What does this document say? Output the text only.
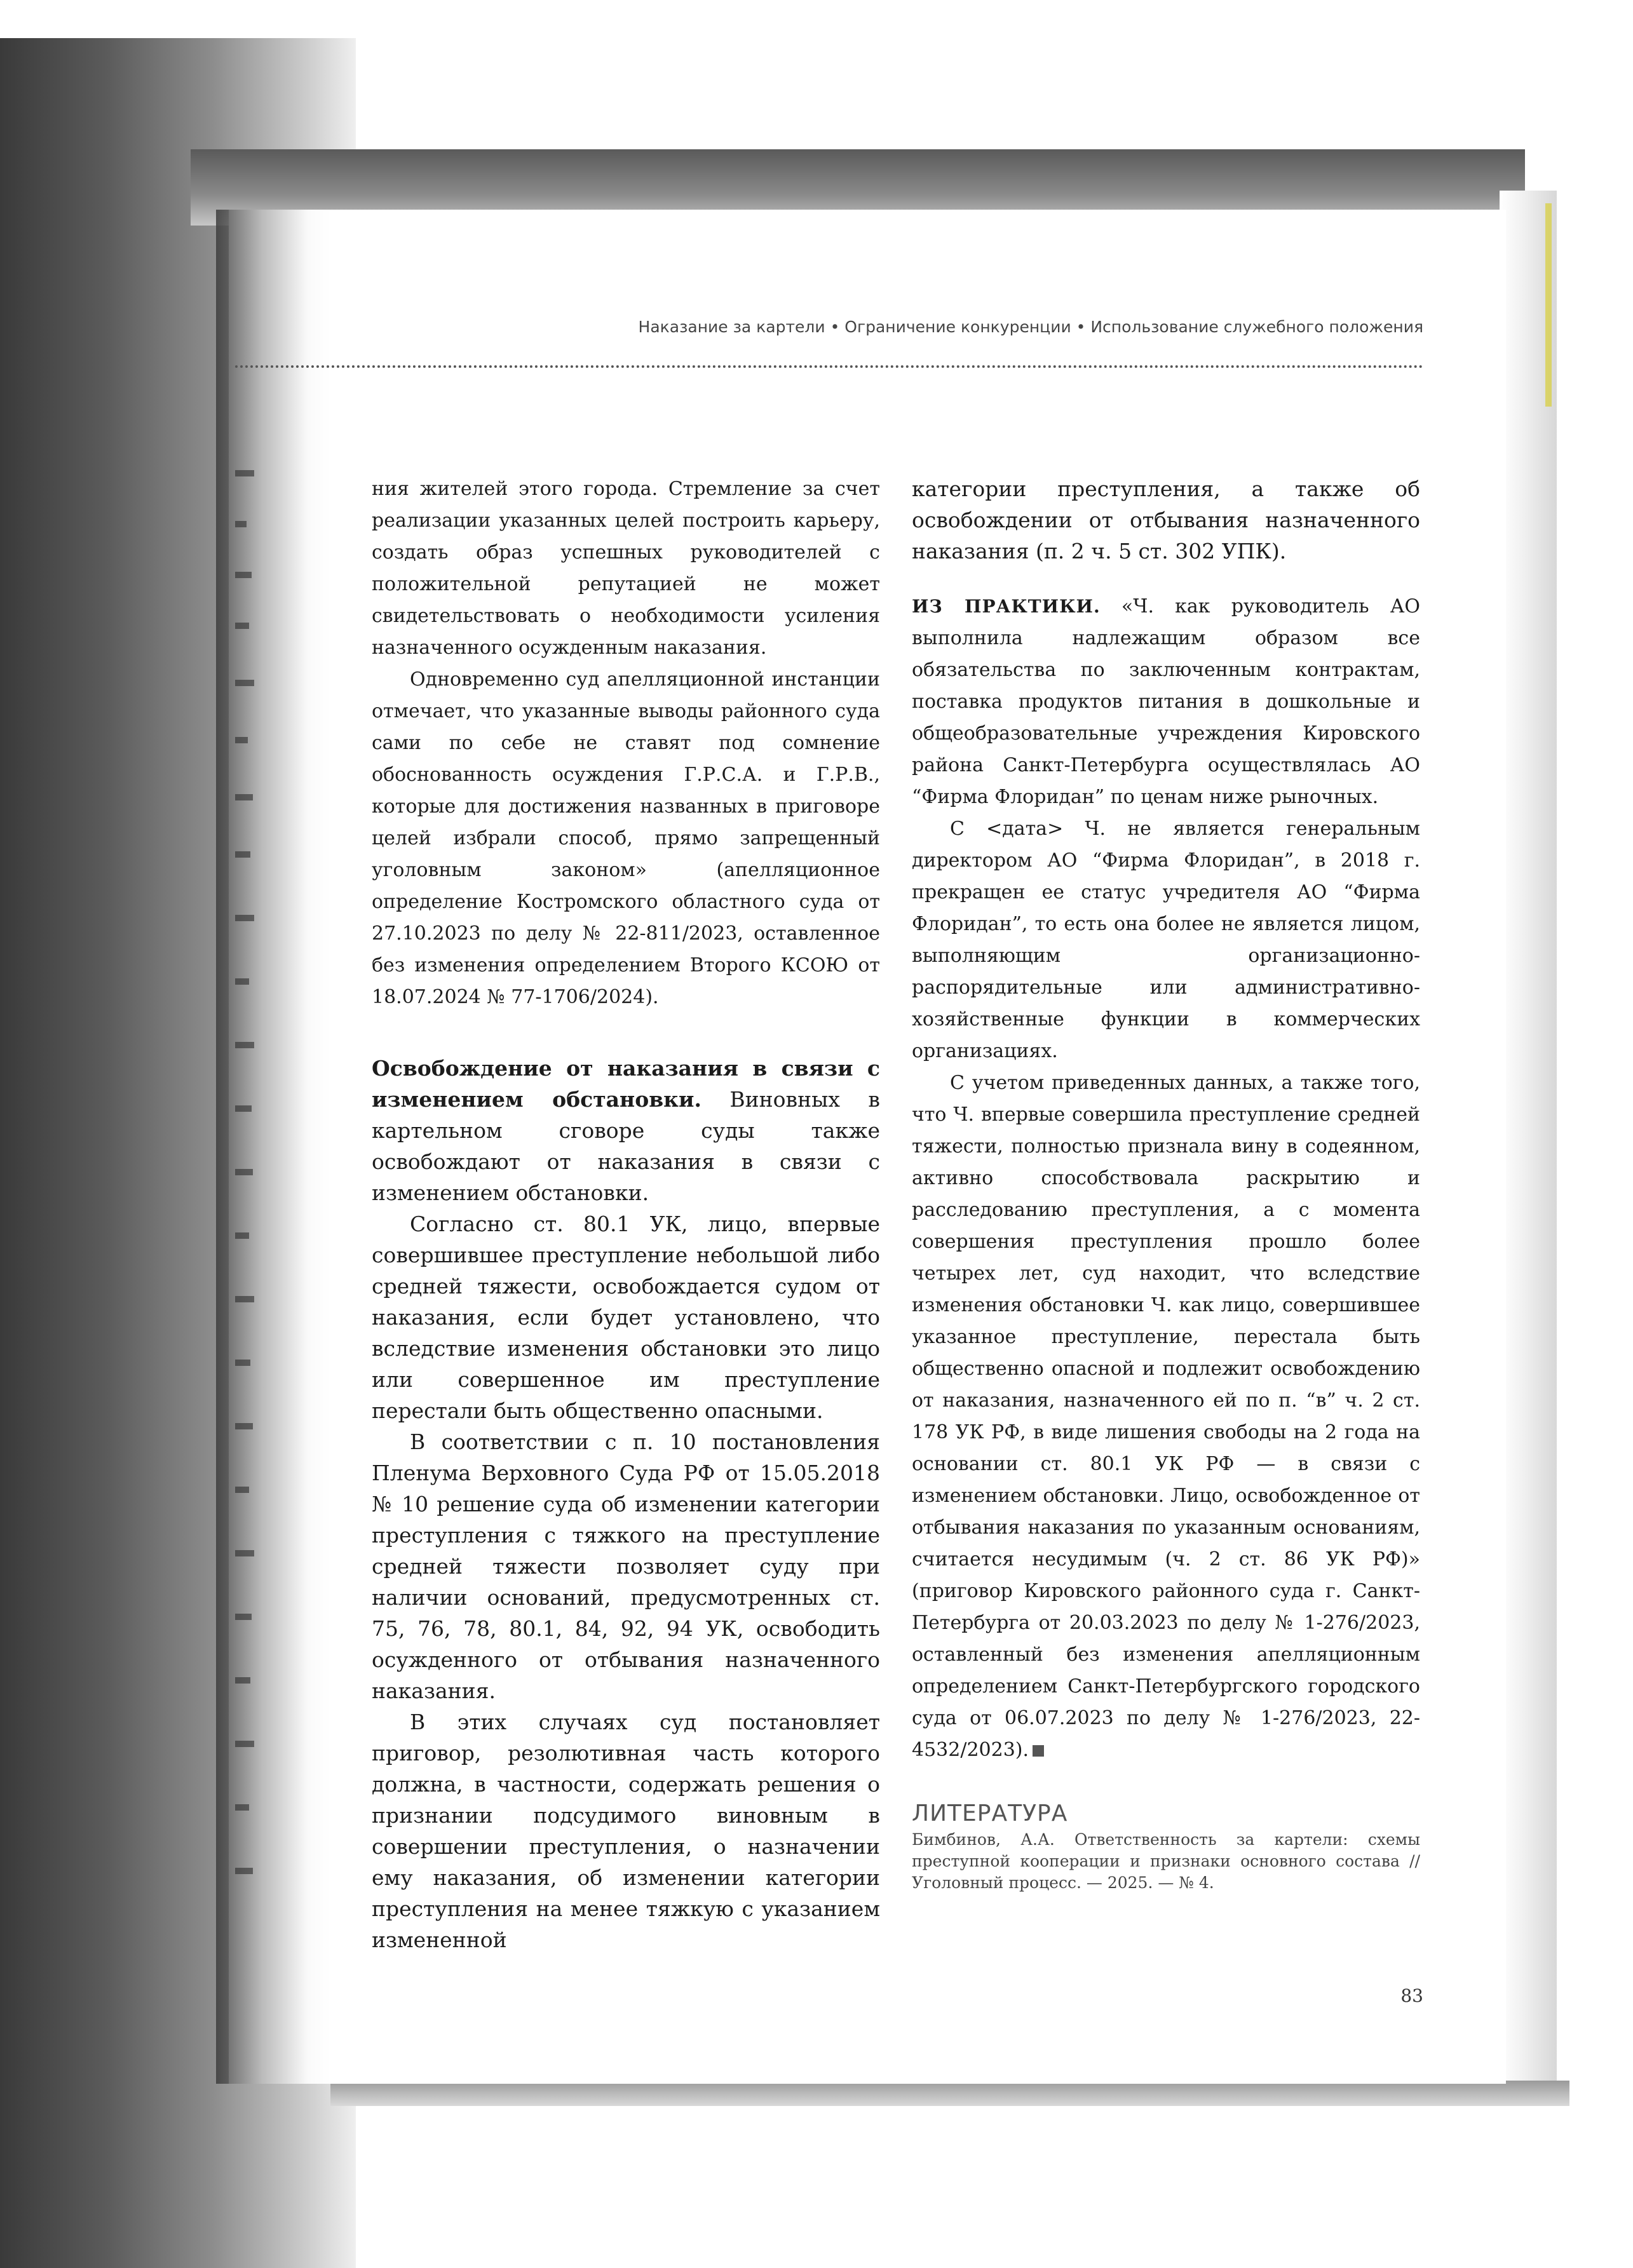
Наказание за картели • Ограничение конкуренции • Использование служебного положения

ния жителей этого города. Стремление за счет реализации указанных целей построить карьеру, создать образ успешных руководителей с положительной репутацией не может свидетельствовать о необходимости усиления назначенного осужденным наказания.

Одновременно суд апелляционной инстанции отмечает, что указанные выводы районного суда сами по себе не ставят под сомнение обоснованность осуждения Г.Р.С.А. и Г.Р.В., которые для достижения названных в приговоре целей избрали способ, прямо запрещенный уголовным законом» (апелляционное определение Костромского областного суда от 27.10.2023 по делу № 22-811/2023, оставленное без изменения определением Второго КСОЮ от 18.07.2024 № 77-1706/2024).

Освобождение от наказания в связи с изменением обстановки. Виновных в картельном сговоре суды также освобождают от наказания в связи с изменением обстановки.

Согласно ст. 80.1 УК, лицо, впервые совершившее преступление небольшой либо средней тяжести, освобождается судом от наказания, если будет установлено, что вследствие изменения обстановки это лицо или совершенное им преступление перестали быть общественно опасными.

В соответствии с п. 10 постановления Пленума Верховного Суда РФ от 15.05.2018 № 10 решение суда об изменении категории преступления с тяжкого на преступление средней тяжести позволяет суду при наличии оснований, предусмотренных ст. 75, 76, 78, 80.1, 84, 92, 94 УК, освободить осужденного от отбывания назначенного наказания.

В этих случаях суд постановляет приговор, резолютивная часть которого должна, в частности, содержать решения о признании подсудимого виновным в совершении преступления, о назначении ему наказания, об изменении категории преступления на менее тяжкую с указанием измененной

категории преступления, а также об освобождении от отбывания назначенного наказания (п. 2 ч. 5 ст. 302 УПК).

ИЗ ПРАКТИКИ. «Ч. как руководитель АО выполнила надлежащим образом все обязательства по заключенным контрактам, поставка продуктов питания в дошкольные и общеобразовательные учреждения Кировского района Санкт-Петербурга осуществлялась АО “Фирма Флоридан” по ценам ниже рыночных.

С <дата> Ч. не является генеральным директором АО “Фирма Флоридан”, в 2018 г. прекращен ее статус учредителя АО “Фирма Флоридан”, то есть она более не является лицом, выполняющим организационно-распорядительные или административно-хозяйственные функции в коммерческих организациях.

С учетом приведенных данных, а также того, что Ч. впервые совершила преступление средней тяжести, полностью признала вину в содеянном, активно способствовала раскрытию и расследованию преступления, а с момента совершения преступления прошло более четырех лет, суд находит, что вследствие изменения обстановки Ч. как лицо, совершившее указанное преступление, перестала быть общественно опасной и подлежит освобождению от наказания, назначенного ей по п. “в” ч. 2 ст. 178 УК РФ, в виде лишения свободы на 2 года на основании ст. 80.1 УК РФ — в связи с изменением обстановки. Лицо, освобожденное от отбывания наказания по указанным основаниям, считается несудимым (ч. 2 ст. 86 УК РФ)» (приговор Кировского районного суда г. Санкт-Петербурга от 20.03.2023 по делу № 1-276/2023, оставленный без изменения апелляционным определением Санкт-Петербургского городского суда от 06.07.2023 по делу № 1-276/2023, 22-4532/2023).

ЛИТЕРАТУРА
Бимбинов, А.А. Ответственность за картели: схемы преступной кооперации и признаки основного состава // Уголовный процесс. — 2025. — № 4.
83
